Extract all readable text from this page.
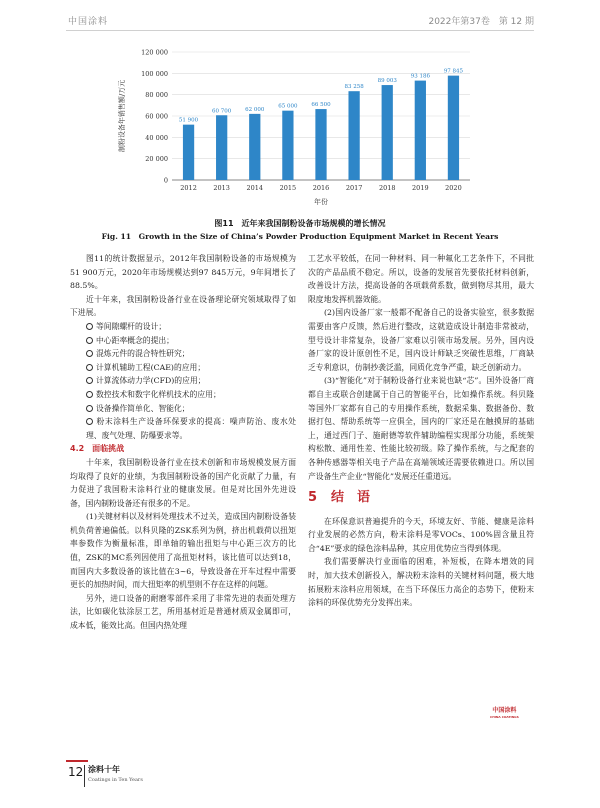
中国涂料	2022年第37卷　第 12 期
0
20 000
40 000
60 000
80 000
100 000
120 000
51 900
2012
60 700
2013
62 000
2014
65 000
2015
66 500
2016
83 258
2017
89 003
2018
93 186
2019
97 845
2020
年份
制粉设备年销售额/万元
图11　近年来我国制粉设备市场规模的增长情况
Fig. 11　Growth in the Size of China’s Powder Production Equipment Market in Recent Years

图11的统计数据显示，2012年我国制粉设备的市场规模为51 900万元，2020年市场规模达到97 845万元，9年间增长了88.5%。

近十年来，我国制粉设备行业在设备理论研究领域取得了如下进展。

等间隙螺杆的设计；

中心距率概念的提出；

混炼元件的混合特性研究；

计算机辅助工程(CAE)的应用；

计算流体动力学(CFD)的应用；

数控技术和数字化样机技术的应用；

设备操作简单化、智能化；

粉末涂料生产设备环保要求的提高：噪声防治、废水处理、废气处理、防爆要求等。

4.2　面临挑战

十年来，我国制粉设备行业在技术创新和市场规模发展方面均取得了良好的业绩，为我国制粉设备的国产化贡献了力量，有力促进了我国粉末涂料行业的健康发展。但是对比国外先进设备，国内制粉设备还有很多的不足。

(1)关键材料以及材料处理技术不过关，造成国内制粉设备装机负荷普遍偏低。以科贝隆的ZSK系列为例，挤出机载荷以扭矩率参数作为衡量标准，即单轴的输出扭矩与中心距三次方的比值，ZSK的MC系列因使用了高扭矩材料，该比值可以达到18，而国内大多数设备的该比值在3~6，导致设备在开车过程中需要更长的加热时间，而大扭矩率的机型则不存在这样的问题。

另外，进口设备的耐磨零部件采用了非常先进的表面处理方法，比如碳化钛涂层工艺，所用基材近是普通材质双金属即可，成本低，能效比高。但国内热处理

工艺水平较低，在同一种材料、同一种氟化工艺条件下，不同批次的产品品质不稳定。所以，设备的发展首先要依托材料创新，改善设计方法，提高设备的各项载荷系数，做到物尽其用，最大限度地发挥机器效能。

(2)国内设备厂家一般都不配备自己的设备实验室，很多数据需要由客户反馈，然后进行整改，这就造成设计制造非常被动，型号设计非常复杂，设备厂家难以引领市场发展。另外，国内设备厂家的设计原创性不足，国内设计师缺乏突破性思维，厂商缺乏专利意识，仿制抄袭泛滥，同质化竞争严重，缺乏创新动力。

(3)“智能化”对于制粉设备行业来说也缺“芯”。国外设备厂商都自主或联合创建属于自己的智能平台，比如操作系统。科贝隆等国外厂家都有自己的专用操作系统，数据采集、数据备份、数据打包、帮助系统等一应俱全，国内的厂家还是在触摸屏的基础上，通过西门子、施耐德等软件辅助编程实现部分功能，系统架构松散、通用性差、性能比较初级。除了操作系统，与之配套的各种传感器等相关电子产品在高端领域还需要依赖进口。所以国产设备生产企业“智能化”发展还任重道远。

5 结　语

在环保意识普遍提升的今天，环境友好、节能、健康是涂料行业发展的必然方向，粉末涂料是零VOCs、100%固含量且符合“4E”要求的绿色涂料品种，其应用优势应当得到体现。

我们需要解决行业面临的困难，补短板，在降本增效的同时，加大技术创新投入，解决粉末涂料的关键材料问题，极大地拓展粉末涂料应用领域，在当下环保压力高企的态势下，使粉末涂料的环保优势充分发挥出来。

中国涂料
CHINA COATINGS
12 涂料十年
Coatings in Ten Years
